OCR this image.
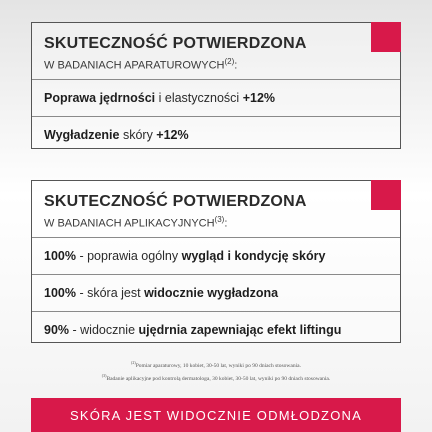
SKUTECZNOŚĆ POTWIERDZONA
W BADANIACH APARATUROWYCH$^{(2)}$:
Poprawa jędrności i elastyczności +12%
Wygładzenie skóry +12%
SKUTECZNOŚĆ POTWIERDZONA
W BADANIACH APLIKACYJNYCH$^{(3)}$:
100% - poprawia ogólny wygląd i kondycję skóry
100% - skóra jest widocznie wygładzona
90% - widocznie ujędrnia zapewniając efekt liftingu
$^{(2)}$Pomiar aparaturowy, 10 kobiet, 30-50 lat, wyniki po 90 dniach stosowania.
$^{(3)}$Badanie aplikacyjne pod kontrolą dermatologa, 30 kobiet, 30-50 lat, wyniki po 90 dniach stosowania.
SKÓRA JEST WIDOCZNIE ODMŁODZONA
